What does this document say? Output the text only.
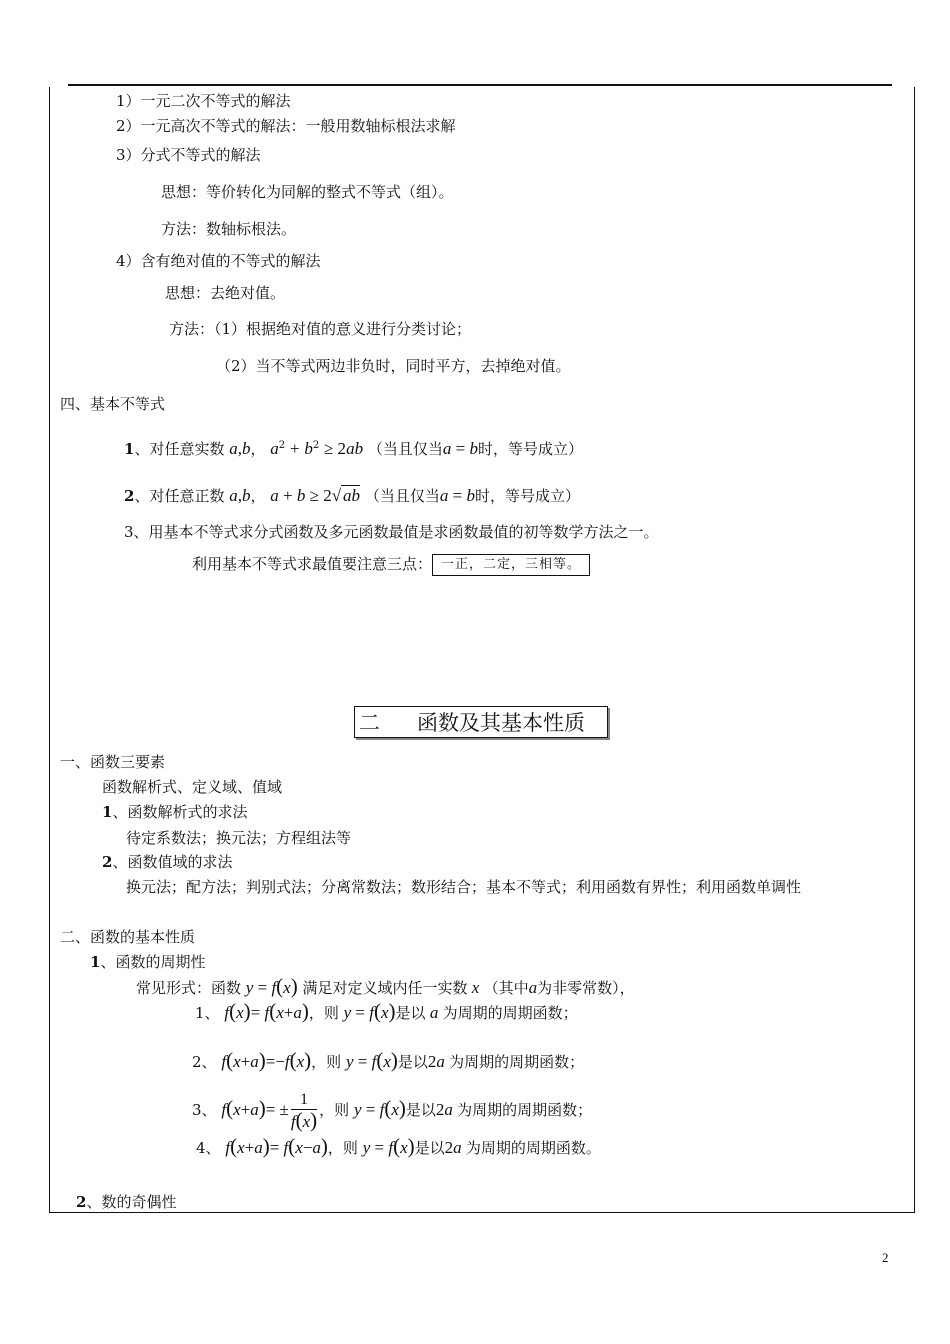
1）一元二次不等式的解法
2）一元高次不等式的解法：一般用数轴标根法求解
3）分式不等式的解法
思想：等价转化为同解的整式不等式（组）。
方法：数轴标根法。
4）含有绝对值的不等式的解法
思想：去绝对值。
方法：（1）根据绝对值的意义进行分类讨论；
（2）当不等式两边非负时，同时平方，去掉绝对值。
四、基本不等式
1、对任意实数 a,b， $a^2 + b^2 \ge 2ab$ （当且仅当a = b时，等号成立）
2、对任意正数 a,b， a + b ≥ 2√ ab （当且仅当a = b时，等号成立）
3、用基本不等式求分式函数及多元函数最值是求函数最值的初等数学方法之一。
利用基本不等式求最值要注意三点： 一正，二定，三相等。
二 函数及其基本性质
一、函数三要素
函数解析式、定义域、值域
1、函数解析式的求法
待定系数法；换元法；方程组法等
2、函数值域的求法
换元法；配方法；判别式法；分离常数法；数形结合；基本不等式；利用函数有界性；利用函数单调性
二、函数的基本性质
1、函数的周期性
常见形式：函数 y = f(x) 满足对定义域内任一实数 x （其中a为非零常数），
1、 f(x)= f(x+a)，则 y = f(x)是以 a 为周期的周期函数；
2、 f(x+a)=−f(x)，则 y = f(x)是以2a 为周期的周期函数；
3、 $f(x+a)= \pm \frac{1}{f(x)}$ ，则 y = f(x)是以2a 为周期的周期函数；
4、 f(x+a)= f(x−a)，则 y = f(x)是以2a 为周期的周期函数。
2、数的奇偶性
2
